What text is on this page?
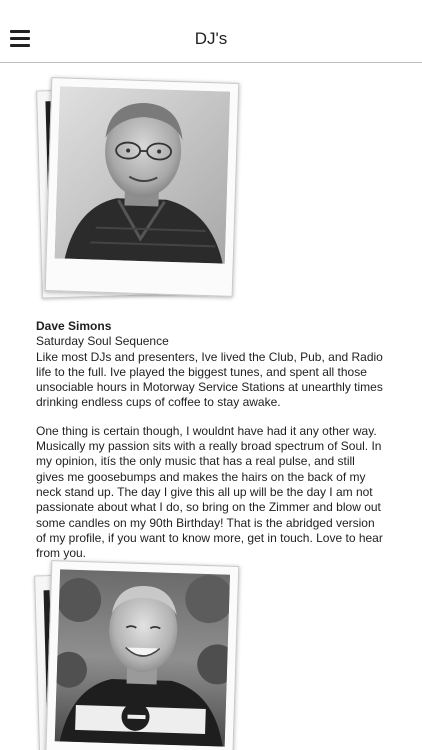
DJ's
Dave Simons
Saturday Soul Sequence

Like most DJs and presenters, Ive lived the Club, Pub, and Radio life to the full. Ive played the biggest tunes, and spent all those unsociable hours in Motorway Service Stations at unearthly times drinking endless cups of coffee to stay awake.

One thing is certain though, I wouldnt have had it any other way. Musically my passion sits with a really broad spectrum of Soul. In my opinion, itís the only music that has a real pulse, and still gives me goosebumps and makes the hairs on the back of my neck stand up. The day I give this all up will be the day I am not passionate about what I do, so bring on the Zimmer and blow out some candles on my 90th Birthday! That is the abridged version of my profile, if you want to know more, get in touch. Love to hear from you.
